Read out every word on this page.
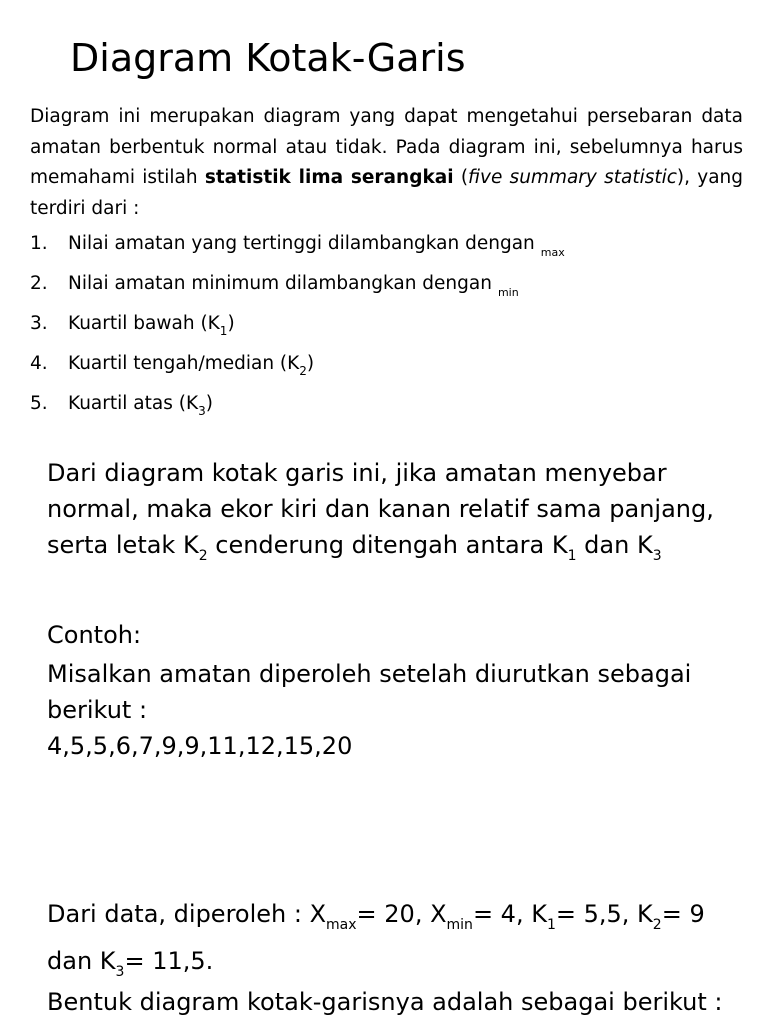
Diagram Kotak-Garis

Diagram ini merupakan diagram yang dapat mengetahui persebaran data amatan berbentuk normal atau tidak. Pada diagram ini, sebelumnya harus memahami istilah statistik lima serangkai (five summary statistic), yang terdiri dari :

1. Nilai amatan yang tertinggi dilambangkan dengan $_{max}$
2. Nilai amatan minimum dilambangkan dengan $_{min}$
3. Kuartil bawah $(K_1)$
4. Kuartil tengah/median $(K_2)$
5. Kuartil atas $(K_3)$

Dari diagram kotak garis ini, jika amatan menyebar normal, maka ekor kiri dan kanan relatif sama panjang, serta letak $K_2$ cenderung ditengah antara $K_1$ dan $K_3$

Contoh:

Misalkan amatan diperoleh setelah diurutkan sebagai berikut :
4,5,5,6,7,9,9,11,12,15,20

Dari data, diperoleh : $X_{max}= 20$, $X_{min}= 4$, $K_1= 5,5$, $K_2= 9$ dan $K_3= 11,5$.

Bentuk diagram kotak-garisnya adalah sebagai berikut :
